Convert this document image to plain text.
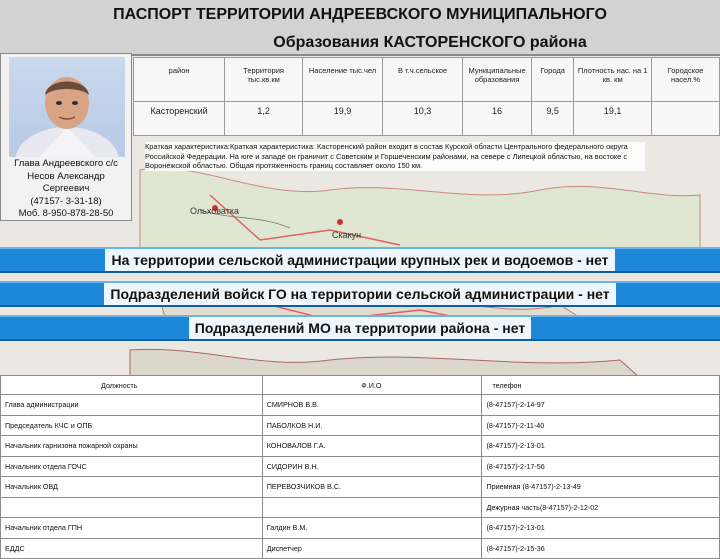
Ольховатка
Скакун
ПАСПОРТ ТЕРРИТОРИИ АНДРЕЕВСКОГО МУНИЦИПАЛЬНОГО
Образования КАСТОРЕНСКОГО района
Глава Андреевского с/с
Несов Александр
Сергеевич
(47157- 3-31-18)
Моб. 8-950-878-28-50
район	Территория тыс.кв.км	Население тыс.чел	В т.ч.сельское	Муниципальные образования	Города	Плотность нас. на 1 кв. км	Городское насел.%
Касторенский	1,2	19,9	10,3	16	9,5	19,1	
Краткая характеристика:Краткая характеристика: Касторенский район входит в состав Курской области Центрального федерального округа Российской Федерации. На юге и западе он граничит с Советским и Горшеченским районами, на севере с Липецкой областью, на востоке с Воронежской областью. Общая протяженность границ составляет около 150 км.
На территории сельской администрации крупных рек и водоемов - нет
Подразделений войск ГО на территории сельской администрации - нет
Подразделений МО на территории района - нет
Должность	Ф.И.О	телефон
Глава администрации	СМИРНОВ В.В.	(8-47157)-2-14-97
Председатель КЧС и ОПБ	ПАБОЛКОВ Н.И.	(8-47157)-2-11-40
Начальник гарнизона пожарной охраны	КОНОВАЛОВ Г.А.	(8-47157)-2-13-01
Начальник отдела ГОЧС	СИДОРИН В.Н.	(8-47157)-2-17-56
Начальник ОВД	ПЕРЕВОЗЧИКОВ В.С.	Приемная (8-47157)-2-13-49
		Дежурная часть(8-47157)-2-12-02
Начальник отдела ГПН	Галдин В.М.	(8-47157)-2-13-01
ЕДДС	Диспетчер	(8-47157)-2-15-36
